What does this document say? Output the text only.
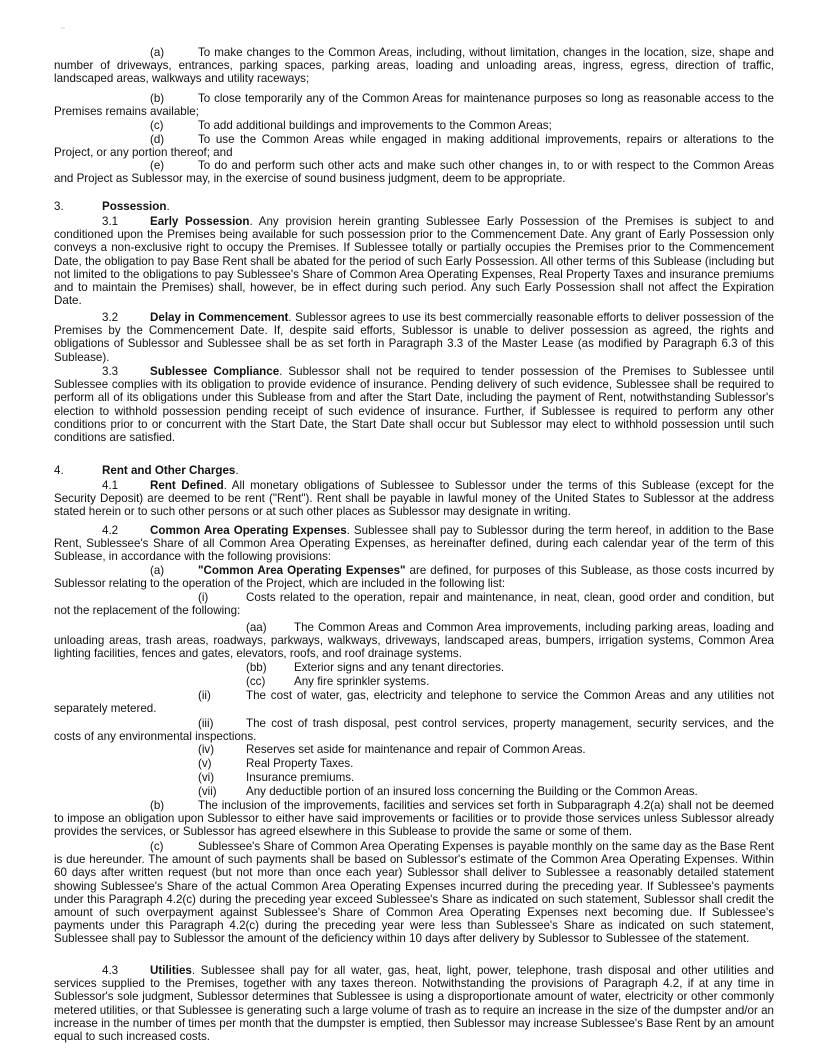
~
(a)	To make changes to the Common Areas, including, without limitation, changes in the location, size, shape and number of driveways, entrances, parking spaces, parking areas, loading and unloading areas, ingress, egress, direction of traffic, landscaped areas, walkways and utility raceways;
(b)	To close temporarily any of the Common Areas for maintenance purposes so long as reasonable access to the Premises remains available;
(c)	To add additional buildings and improvements to the Common Areas;
(d)	To use the Common Areas while engaged in making additional improvements, repairs or alterations to the Project, or any portion thereof; and
(e)	To do and perform such other acts and make such other changes in, to or with respect to the Common Areas and Project as Sublessor may, in the exercise of sound business judgment, deem to be appropriate.
3.	Possession.
3.1	Early Possession. Any provision herein granting Sublessee Early Possession of the Premises is subject to and conditioned upon the Premises being available for such possession prior to the Commencement Date. Any grant of Early Possession only conveys a non-exclusive right to occupy the Premises. If Sublessee totally or partially occupies the Premises prior to the Commencement Date, the obligation to pay Base Rent shall be abated for the period of such Early Possession. All other terms of this Sublease (including but not limited to the obligations to pay Sublessee's Share of Common Area Operating Expenses, Real Property Taxes and insurance premiums and to maintain the Premises) shall, however, be in effect during such period. Any such Early Possession shall not affect the Expiration Date.
3.2	Delay in Commencement. Sublessor agrees to use its best commercially reasonable efforts to deliver possession of the Premises by the Commencement Date. If, despite said efforts, Sublessor is unable to deliver possession as agreed, the rights and obligations of Sublessor and Sublessee shall be as set forth in Paragraph 3.3 of the Master Lease (as modified by Paragraph 6.3 of this Sublease).
3.3	Sublessee Compliance. Sublessor shall not be required to tender possession of the Premises to Sublessee until Sublessee complies with its obligation to provide evidence of insurance. Pending delivery of such evidence, Sublessee shall be required to perform all of its obligations under this Sublease from and after the Start Date, including the payment of Rent, notwithstanding Sublessor's election to withhold possession pending receipt of such evidence of insurance. Further, if Sublessee is required to perform any other conditions prior to or concurrent with the Start Date, the Start Date shall occur but Sublessor may elect to withhold possession until such conditions are satisfied.
4.	Rent and Other Charges.
4.1	Rent Defined. All monetary obligations of Sublessee to Sublessor under the terms of this Sublease (except for the Security Deposit) are deemed to be rent ("Rent"). Rent shall be payable in lawful money of the United States to Sublessor at the address stated herein or to such other persons or at such other places as Sublessor may designate in writing.
4.2	Common Area Operating Expenses. Sublessee shall pay to Sublessor during the term hereof, in addition to the Base Rent, Sublessee's Share of all Common Area Operating Expenses, as hereinafter defined, during each calendar year of the term of this Sublease, in accordance with the following provisions:
(a)	"Common Area Operating Expenses" are defined, for purposes of this Sublease, as those costs incurred by Sublessor relating to the operation of the Project, which are included in the following list:
(i)	Costs related to the operation, repair and maintenance, in neat, clean, good order and condition, but not the replacement of the following:
(aa) The Common Areas and Common Area improvements, including parking areas, loading and unloading areas, trash areas, roadways, parkways, walkways, driveways, landscaped areas, bumpers, irrigation systems, Common Area lighting facilities, fences and gates, elevators, roofs, and roof drainage systems.
(bb) Exterior signs and any tenant directories.
(cc) Any fire sprinkler systems.
(ii)	The cost of water, gas, electricity and telephone to service the Common Areas and any utilities not separately metered.
(iii)	The cost of trash disposal, pest control services, property management, security services, and the costs of any environmental inspections.
(iv)	Reserves set aside for maintenance and repair of Common Areas.
(v)	Real Property Taxes.
(vi)	Insurance premiums.
(vii)	Any deductible portion of an insured loss concerning the Building or the Common Areas.
(b)	The inclusion of the improvements, facilities and services set forth in Subparagraph 4.2(a) shall not be deemed to impose an obligation upon Sublessor to either have said improvements or facilities or to provide those services unless Sublessor already provides the services, or Sublessor has agreed elsewhere in this Sublease to provide the same or some of them.
(c)	Sublessee's Share of Common Area Operating Expenses is payable monthly on the same day as the Base Rent is due hereunder. The amount of such payments shall be based on Sublessor's estimate of the Common Area Operating Expenses. Within 60 days after written request (but not more than once each year) Sublessor shall deliver to Sublessee a reasonably detailed statement showing Sublessee's Share of the actual Common Area Operating Expenses incurred during the preceding year. If Sublessee's payments under this Paragraph 4.2(c) during the preceding year exceed Sublessee's Share as indicated on such statement, Sublessor shall credit the amount of such overpayment against Sublessee's Share of Common Area Operating Expenses next becoming due. If Sublessee's payments under this Paragraph 4.2(c) during the preceding year were less than Sublessee's Share as indicated on such statement, Sublessee shall pay to Sublessor the amount of the deficiency within 10 days after delivery by Sublessor to Sublessee of the statement.
4.3	Utilities. Sublessee shall pay for all water, gas, heat, light, power, telephone, trash disposal and other utilities and services supplied to the Premises, together with any taxes thereon. Notwithstanding the provisions of Paragraph 4.2, if at any time in Sublessor's sole judgment, Sublessor determines that Sublessee is using a disproportionate amount of water, electricity or other commonly metered utilities, or that Sublessee is generating such a large volume of trash as to require an increase in the size of the dumpster and/or an increase in the number of times per month that the dumpster is emptied, then Sublessor may increase Sublessee's Base Rent by an amount equal to such increased costs.
